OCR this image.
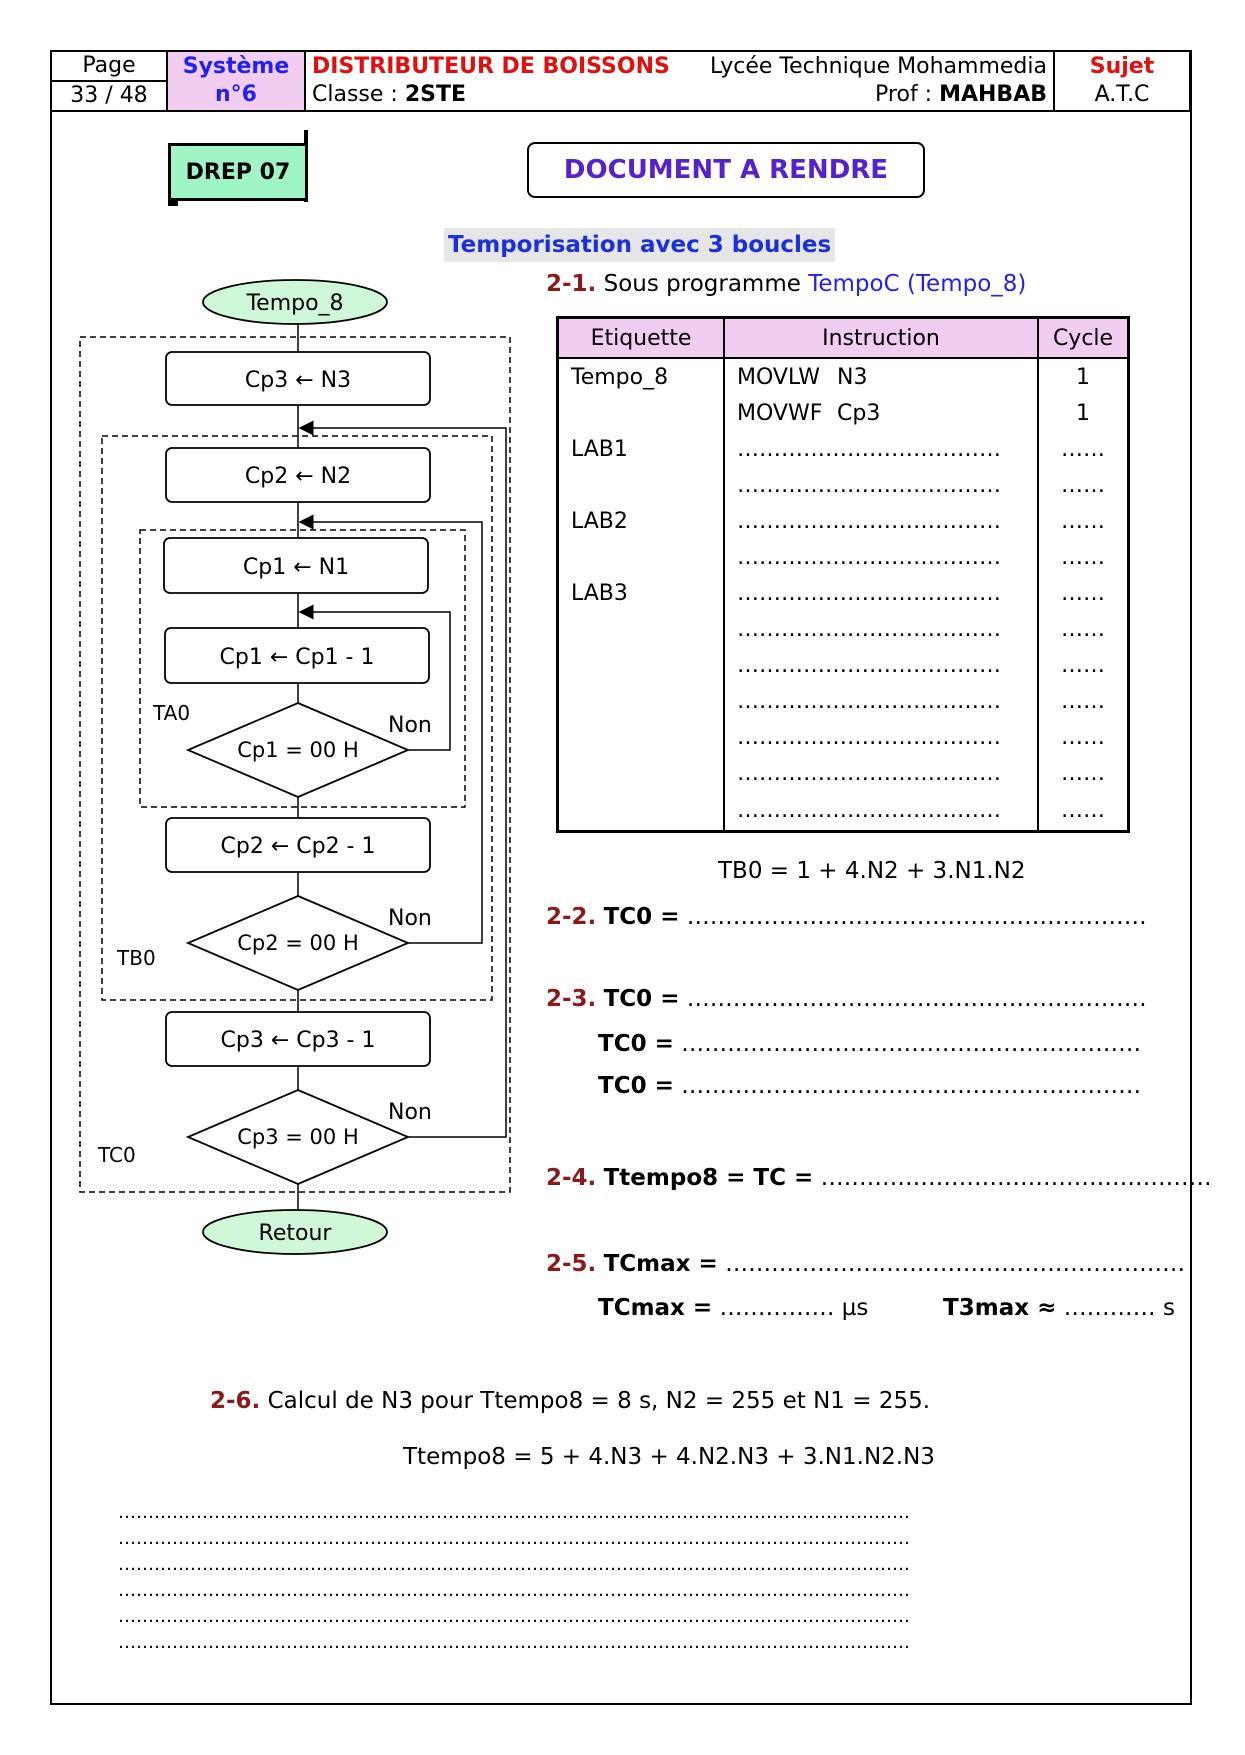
Page
33 / 48

Système
n°6

DISTRIBUTEUR DE BOISSONS Lycée Technique Mohammedia
Classe : 2STE	Prof : MAHBAB

Sujet
A.T.C
DREP 07	DOCUMENT A RENDRE
Temporisation avec 3 boucles
Tempo_8
Retour
Cp3 ← N3
Cp2 ← N2
Cp1 ← N1
Cp1 ← Cp1 - 1
Cp1 = 00 H
Cp2 ← Cp2 - 1
Cp2 = 00 H
Cp3 ← Cp3 - 1
Cp3 = 00 H
Non
Non
Non
TA0
TB0
TC0
2-1. Sous programme TempoC (Tempo_8)
Etiquette	Instruction	Cycle
Tempo_8	MOVLW N3	1
	MOVWF Cp3	1
LAB1	………………………………	……
	………………………………	……
LAB2	………………………………	……
	………………………………	……
LAB3	………………………………	……
	………………………………	……
	………………………………	……
	………………………………	……
	………………………………	……
	………………………………	……
	………………………………	……
TB0 = 1 + 4.N2 + 3.N1.N2
2-2. TC0 = ……………………………………………………
2-3. TC0 = ……………………………………………………
TC0 = ……………………………………………………
TC0 = ……………………………………………………
2-4. Ttempo8 = TC = ……………………………………………
2-5. TCmax = ……………………………………………………
TCmax = …………… µs	T3max ≈ ………… s
2-6. Calcul de N3 pour Ttempo8 = 8 s, N2 = 255 et N1 = 255.
Ttempo8 = 5 + 4.N3 + 4.N2.N3 + 3.N1.N2.N3
……………………………………………………………………………………………………………………
……………………………………………………………………………………………………………………
……………………………………………………………………………………………………………………
……………………………………………………………………………………………………………………
……………………………………………………………………………………………………………………
……………………………………………………………………………………………………………………
